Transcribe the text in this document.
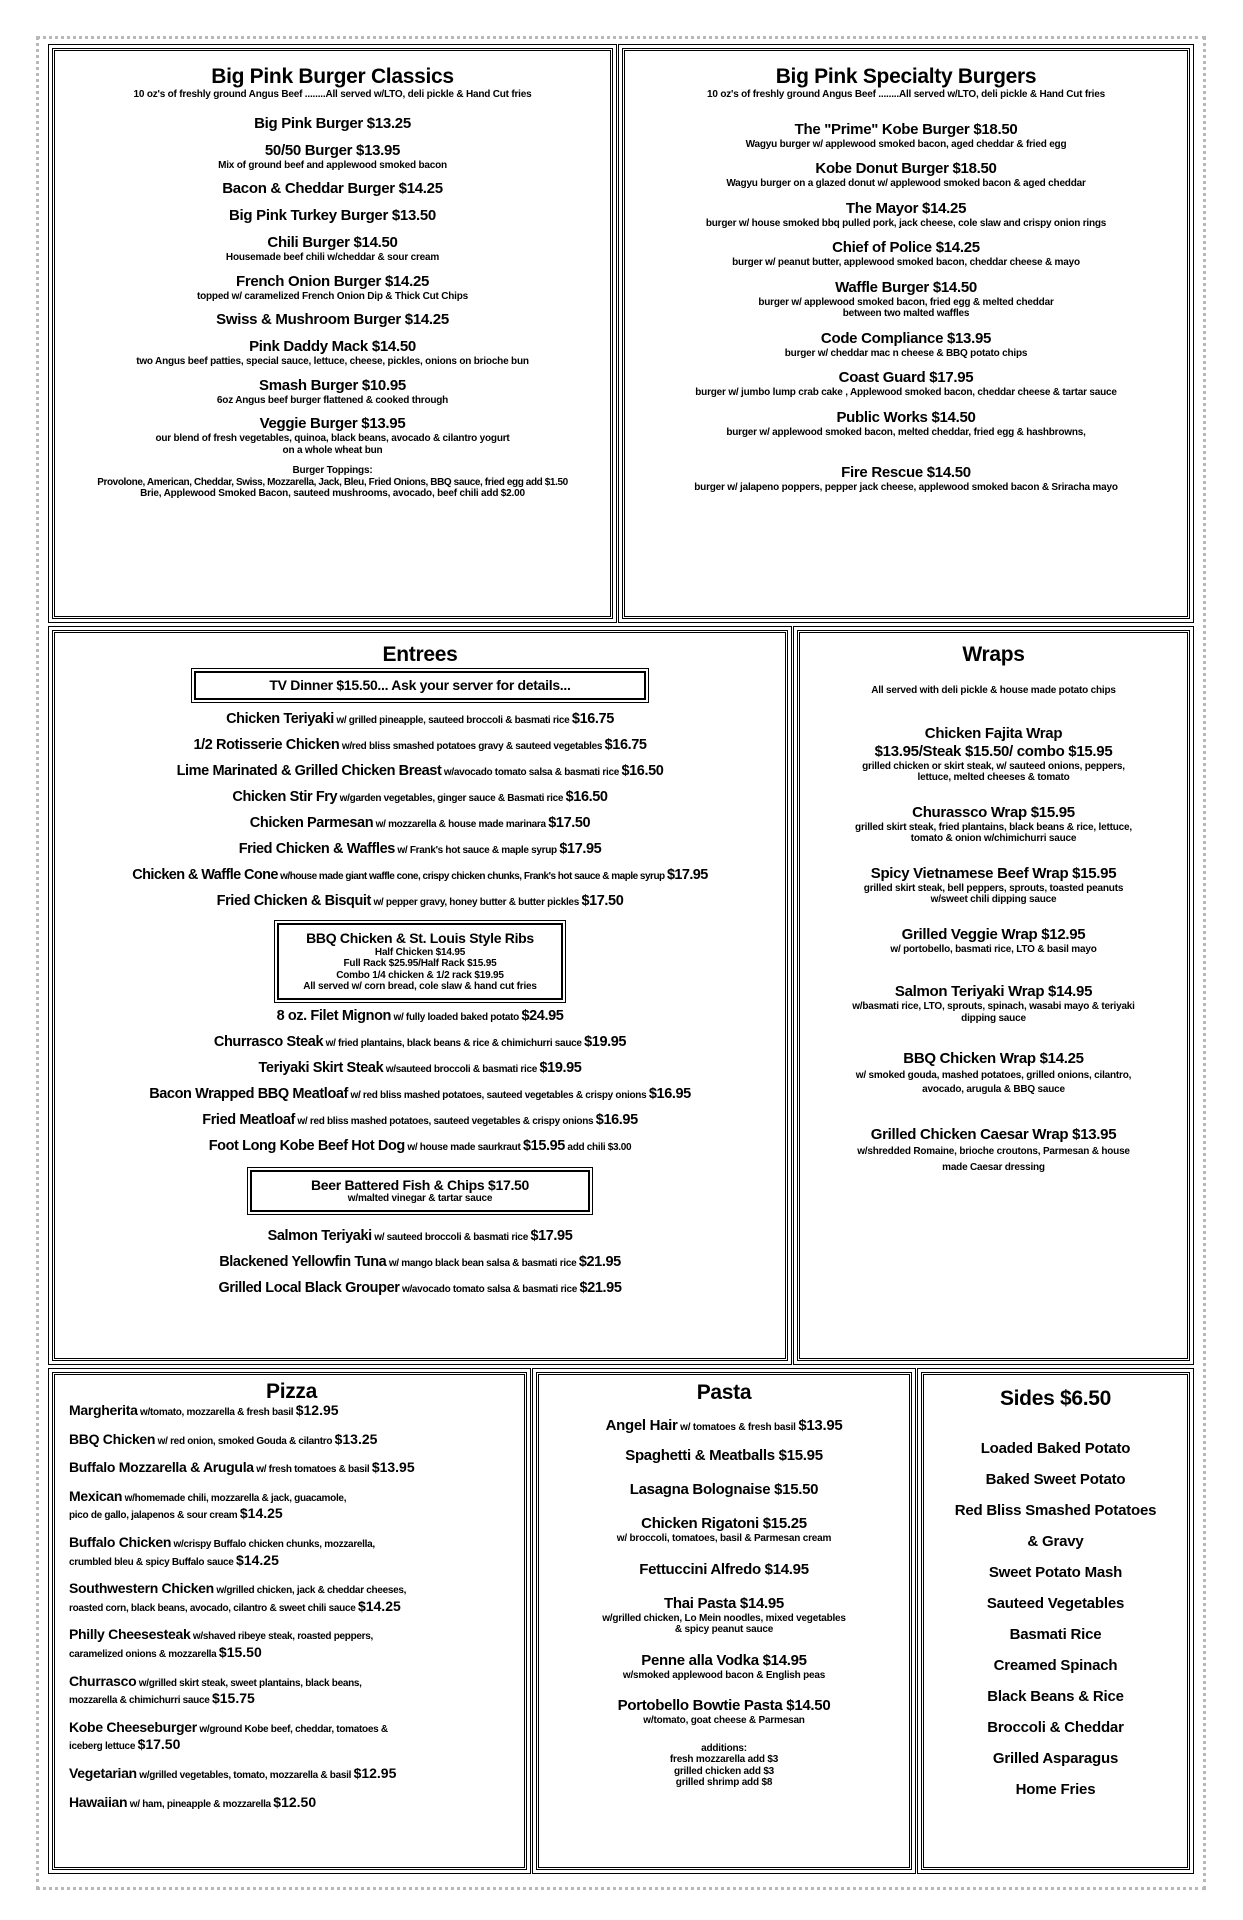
Big Pink Burger Classics
10 oz's of freshly ground Angus Beef ........All served w/LTO, deli pickle & Hand Cut fries
Big Pink Burger $13.25
50/50 Burger $13.95
Mix of ground beef and applewood smoked bacon
Bacon & Cheddar Burger $14.25
Big Pink Turkey Burger $13.50
Chili Burger $14.50
Housemade beef chili w/cheddar & sour cream
French Onion Burger $14.25
topped w/ caramelized French Onion Dip & Thick Cut Chips
Swiss & Mushroom Burger $14.25
Pink Daddy Mack $14.50
two Angus beef patties, special sauce, lettuce, cheese, pickles, onions on brioche bun
Smash Burger $10.95
6oz Angus beef burger flattened & cooked through
Veggie Burger $13.95
our blend of fresh vegetables, quinoa, black beans, avocado & cilantro yogurt
on a whole wheat bun
Burger Toppings:
Provolone, American, Cheddar, Swiss, Mozzarella, Jack, Bleu, Fried Onions, BBQ sauce, fried egg add $1.50
Brie, Applewood Smoked Bacon, sauteed mushrooms, avocado, beef chili add $2.00
Big Pink Specialty Burgers
10 oz's of freshly ground Angus Beef ........All served w/LTO, deli pickle & Hand Cut fries
The "Prime" Kobe Burger $18.50
Wagyu burger w/ applewood smoked bacon, aged cheddar & fried egg
Kobe Donut Burger $18.50
Wagyu burger on a glazed donut w/ applewood smoked bacon & aged cheddar
The Mayor $14.25
burger w/ house smoked bbq pulled pork, jack cheese, cole slaw and crispy onion rings
Chief of Police $14.25
burger w/ peanut butter, applewood smoked bacon, cheddar cheese & mayo
Waffle Burger $14.50
burger w/ applewood smoked bacon, fried egg & melted cheddar
between two malted waffles
Code Compliance $13.95
burger w/ cheddar mac n cheese & BBQ potato chips
Coast Guard $17.95
burger w/ jumbo lump crab cake , Applewood smoked bacon, cheddar cheese & tartar sauce
Public Works $14.50
burger w/ applewood smoked bacon, melted cheddar, fried egg & hashbrowns,
Fire Rescue $14.50
burger w/ jalapeno poppers, pepper jack cheese, applewood smoked bacon & Sriracha mayo
Entrees
TV Dinner $15.50... Ask your server for details...
Chicken Teriyaki w/ grilled pineapple, sauteed broccoli & basmati rice $16.75
1/2 Rotisserie Chicken w/red bliss smashed potatoes gravy & sauteed vegetables $16.75
Lime Marinated & Grilled Chicken Breast w/avocado tomato salsa & basmati rice $16.50
Chicken Stir Fry w/garden vegetables, ginger sauce & Basmati rice $16.50
Chicken Parmesan w/ mozzarella & house made marinara $17.50
Fried Chicken & Waffles w/ Frank's hot sauce & maple syrup $17.95
Chicken & Waffle Cone w/house made giant waffle cone, crispy chicken chunks, Frank's hot sauce & maple syrup $17.95
Fried Chicken & Bisquit w/ pepper gravy, honey butter & butter pickles $17.50
BBQ Chicken & St. Louis Style Ribs
Half Chicken $14.95
Full Rack $25.95/Half Rack $15.95
Combo 1/4 chicken & 1/2 rack $19.95
All served w/ corn bread, cole slaw & hand cut fries
8 oz. Filet Mignon w/ fully loaded baked potato $24.95
Churrasco Steak w/ fried plantains, black beans & rice & chimichurri sauce $19.95
Teriyaki Skirt Steak w/sauteed broccoli & basmati rice $19.95
Bacon Wrapped BBQ Meatloaf w/ red bliss mashed potatoes, sauteed vegetables & crispy onions $16.95
Fried Meatloaf w/ red bliss mashed potatoes, sauteed vegetables & crispy onions $16.95
Foot Long Kobe Beef Hot Dog w/ house made saurkraut $15.95 add chili $3.00
Beer Battered Fish & Chips $17.50
w/malted vinegar & tartar sauce
Salmon Teriyaki w/ sauteed broccoli & basmati rice $17.95
Blackened Yellowfin Tuna w/ mango black bean salsa & basmati rice $21.95
Grilled Local Black Grouper w/avocado tomato salsa & basmati rice $21.95
Wraps
All served with deli pickle & house made potato chips
Chicken Fajita Wrap
$13.95/Steak $15.50/ combo $15.95
grilled chicken or skirt steak, w/ sauteed onions, peppers,
lettuce, melted cheeses & tomato
Churassco Wrap $15.95
grilled skirt steak, fried plantains, black beans & rice, lettuce,
tomato & onion w/chimichurri sauce
Spicy Vietnamese Beef Wrap $15.95
grilled skirt steak, bell peppers, sprouts, toasted peanuts
w/sweet chili dipping sauce
Grilled Veggie Wrap $12.95
w/ portobello, basmati rice, LTO & basil mayo
Salmon Teriyaki Wrap $14.95
w/basmati rice, LTO, sprouts, spinach, wasabi mayo & teriyaki
dipping sauce
BBQ Chicken Wrap $14.25
w/ smoked gouda, mashed potatoes, grilled onions, cilantro,
avocado, arugula & BBQ sauce
Grilled Chicken Caesar Wrap $13.95
w/shredded Romaine, brioche croutons, Parmesan & house
made Caesar dressing
Pizza
Margherita w/tomato, mozzarella & fresh basil $12.95
BBQ Chicken w/ red onion, smoked Gouda & cilantro $13.25
Buffalo Mozzarella & Arugula w/ fresh tomatoes & basil $13.95
Mexican w/homemade chili, mozzarella & jack, guacamole,
pico de gallo, jalapenos & sour cream $14.25
Buffalo Chicken w/crispy Buffalo chicken chunks, mozzarella,
crumbled bleu & spicy Buffalo sauce $14.25
Southwestern Chicken w/grilled chicken, jack & cheddar cheeses,
roasted corn, black beans, avocado, cilantro & sweet chili sauce $14.25
Philly Cheesesteak w/shaved ribeye steak, roasted peppers,
caramelized onions & mozzarella $15.50
Churrasco w/grilled skirt steak, sweet plantains, black beans,
mozzarella & chimichurri sauce $15.75
Kobe Cheeseburger w/ground Kobe beef, cheddar, tomatoes &
iceberg lettuce $17.50
Vegetarian w/grilled vegetables, tomato, mozzarella & basil $12.95
Hawaiian w/ ham, pineapple & mozzarella $12.50
Pasta
Angel Hair w/ tomatoes & fresh basil $13.95
Spaghetti & Meatballs $15.95
Lasagna Bolognaise $15.50
Chicken Rigatoni $15.25
w/ broccoli, tomatoes, basil & Parmesan cream
Fettuccini Alfredo $14.95
Thai Pasta $14.95
w/grilled chicken, Lo Mein noodles, mixed vegetables
& spicy peanut sauce
Penne alla Vodka $14.95
w/smoked applewood bacon & English peas
Portobello Bowtie Pasta $14.50
w/tomato, goat cheese & Parmesan
additions:
fresh mozzarella add $3
grilled chicken add $3
grilled shrimp add $8
Sides $6.50
Loaded Baked Potato
Baked Sweet Potato
Red Bliss Smashed Potatoes
& Gravy
Sweet Potato Mash
Sauteed Vegetables
Basmati Rice
Creamed Spinach
Black Beans & Rice
Broccoli & Cheddar
Grilled Asparagus
Home Fries
